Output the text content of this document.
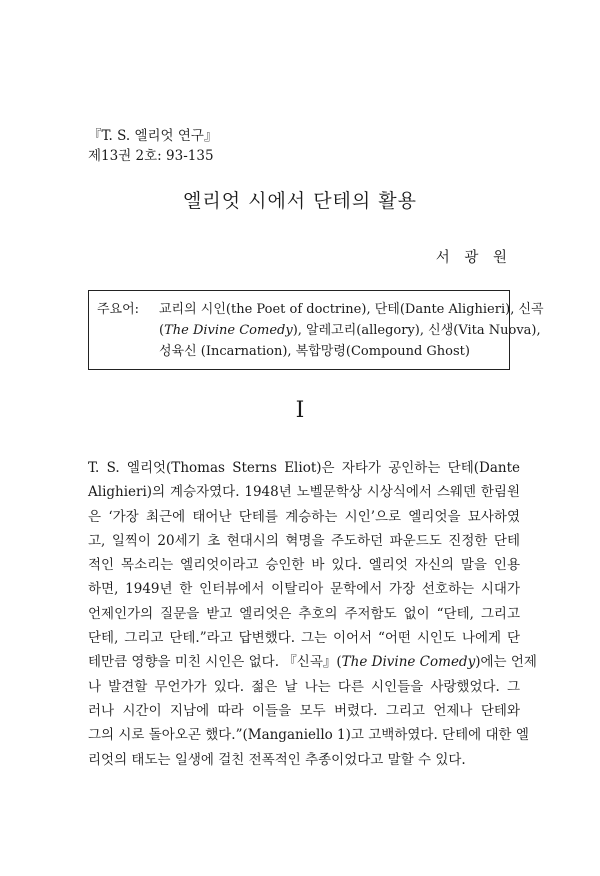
『T. S. 엘리엇 연구』
제13권 2호: 93-135
엘리엇 시에서 단테의 활용
서 광 원
주요어: 교리의 시인(the Poet of doctrine), 단테(Dante Alighieri), 신곡
(The Divine Comedy), 알레고리(allegory), 신생(Vita Nuova),
성육신 (Incarnation), 복합망령(Compound Ghost)
I
T. S. 엘리엇(Thomas Sterns Eliot)은 자타가 공인하는 단테(Dante
Alighieri)의 계승자였다. 1948년 노벨문학상 시상식에서 스웨덴 한림원
은 ‘가장 최근에 태어난 단테를 계승하는 시인’으로 엘리엇을 묘사하였
고, 일찍이 20세기 초 현대시의 혁명을 주도하던 파운드도 진정한 단테
적인 목소리는 엘리엇이라고 승인한 바 있다. 엘리엇 자신의 말을 인용
하면, 1949년 한 인터뷰에서 이탈리아 문학에서 가장 선호하는 시대가
언제인가의 질문을 받고 엘리엇은 추호의 주저함도 없이 “단테, 그리고
단테, 그리고 단테.”라고 답변했다. 그는 이어서 “어떤 시인도 나에게 단
테만큼 영향을 미친 시인은 없다. 『신곡』(The Divine Comedy)에는 언제
나 발견할 무언가가 있다. 젊은 날 나는 다른 시인들을 사랑했었다. 그
러나 시간이 지남에 따라 이들을 모두 버렸다. 그리고 언제나 단테와
그의 시로 돌아오곤 했다.”(Manganiello 1)고 고백하였다. 단테에 대한 엘
리엇의 태도는 일생에 걸친 전폭적인 추종이었다고 말할 수 있다.
